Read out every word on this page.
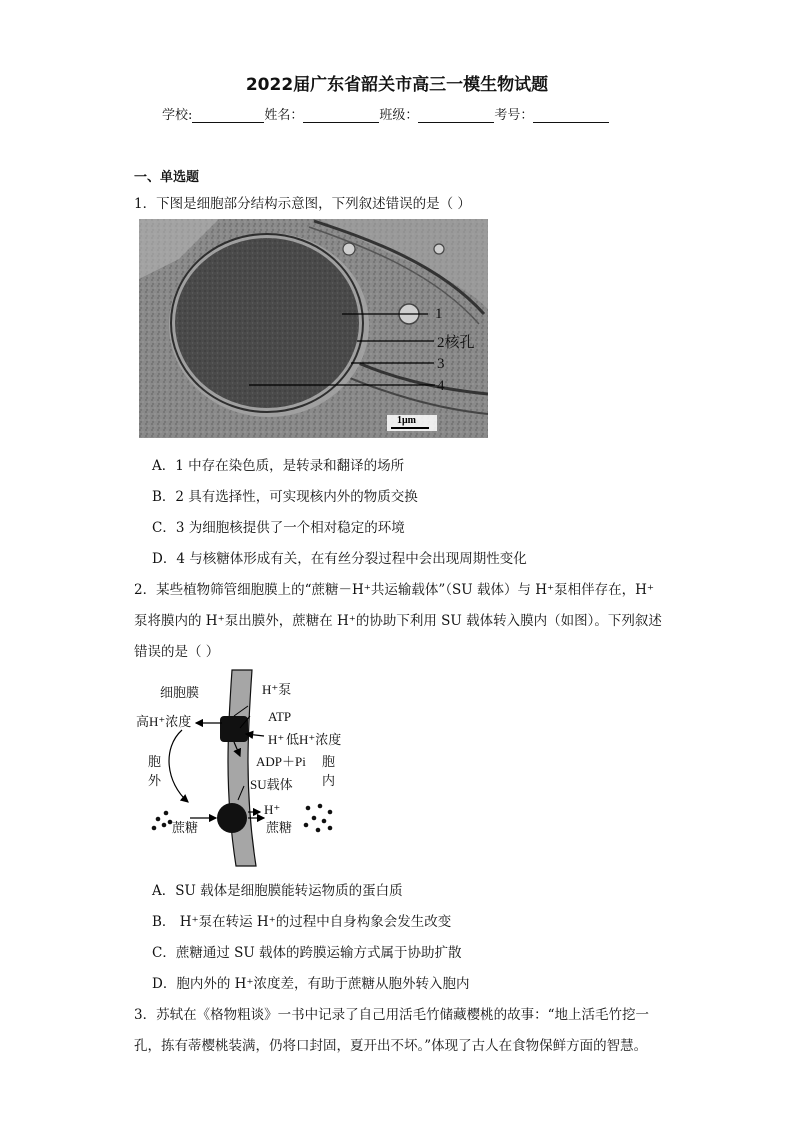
2022届广东省韶关市高三一模生物试题
学校:	姓名：	班级：	考号：
一、单选题
1．下图是细胞部分结构示意图，下列叙述错误的是（ ）
1
2核孔
3
4
1μm
A．1 中存在染色质，是转录和翻译的场所
B．2 具有选择性，可实现核内外的物质交换
C．3 为细胞核提供了一个相对稳定的环境
D．4 与核糖体形成有关，在有丝分裂过程中会出现周期性变化
2．某些植物筛管细胞膜上的“蔗糖－H⁺共运输载体”（SU 载体）与 H⁺泵相伴存在，H⁺
泵将膜内的 H⁺泵出膜外，蔗糖在 H⁺的协助下利用 SU 载体转入膜内（如图）。下列叙述
错误的是（ ）
细胞膜	H⁺泵
高H⁺浓度	ATP
H⁺ 低H⁺浓度
ADP＋Pi
胞
外
胞
内
SU载体
H⁺
蔗糖	蔗糖
A．SU 载体是细胞膜能转运物质的蛋白质
B． H⁺泵在转运 H⁺的过程中自身构象会发生改变
C．蔗糖通过 SU 载体的跨膜运输方式属于协助扩散
D．胞内外的 H⁺浓度差，有助于蔗糖从胞外转入胞内
3．苏轼在《格物粗谈》一书中记录了自己用活毛竹储藏樱桃的故事：“地上活毛竹挖一
孔，拣有蒂樱桃装满，仍将口封固，夏开出不坏。”体现了古人在食物保鲜方面的智慧。
